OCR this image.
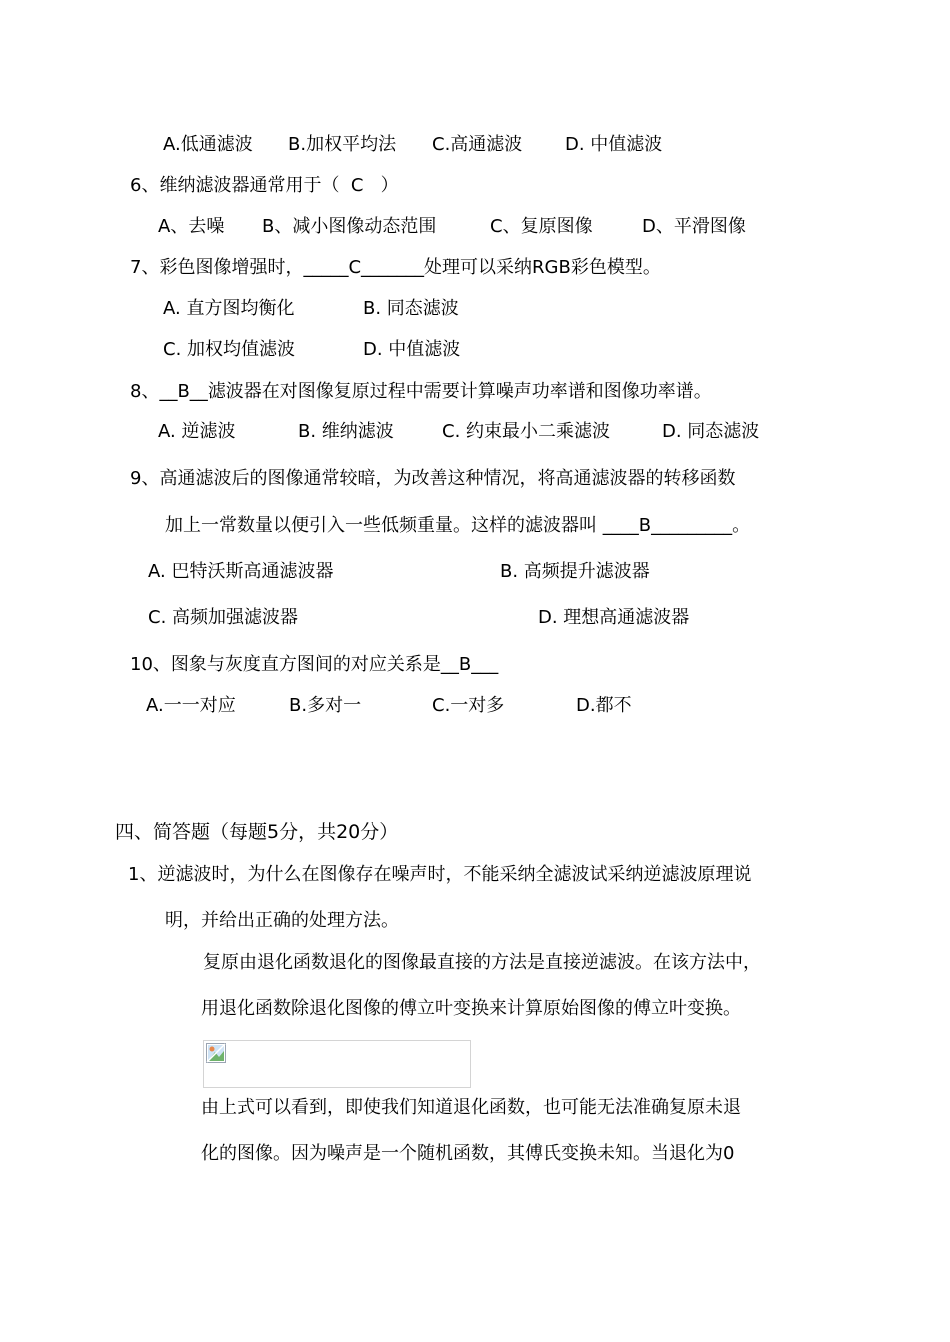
A.低通滤波 B.加权平均法 C.高通滤波 D. 中值滤波
6、维纳滤波器通常用于（  C   ）
A、去噪 B、减小图像动态范围	C、复原图像	D、平滑图像
7、彩色图像增强时，_____C_______处理可以采纳RGB彩色模型。
A. 直方图均衡化	B. 同态滤波
C. 加权均值滤波	D. 中值滤波
8、__B__滤波器在对图像复原过程中需要计算噪声功率谱和图像功率谱。
A. 逆滤波	B. 维纳滤波	C. 约束最小二乘滤波	D. 同态滤波
9、高通滤波后的图像通常较暗，为改善这种情况，将高通滤波器的转移函数
加上一常数量以便引入一些低频重量。这样的滤波器叫 ____B_________。
A. 巴特沃斯高通滤波器	B. 高频提升滤波器
C. 高频加强滤波器	D. 理想高通滤波器
10、图象与灰度直方图间的对应关系是__B___
A.一一对应	B.多对一	C.一对多	D.都不
四、简答题（每题5分，共20分）
1、逆滤波时，为什么在图像存在噪声时，不能采纳全滤波试采纳逆滤波原理说
明，并给出正确的处理方法。
复原由退化函数退化的图像最直接的方法是直接逆滤波。在该方法中，
用退化函数除退化图像的傅立叶变换来计算原始图像的傅立叶变换。
由上式可以看到，即使我们知道退化函数，也可能无法准确复原未退
化的图像。因为噪声是一个随机函数，其傅氏变换未知。当退化为0
